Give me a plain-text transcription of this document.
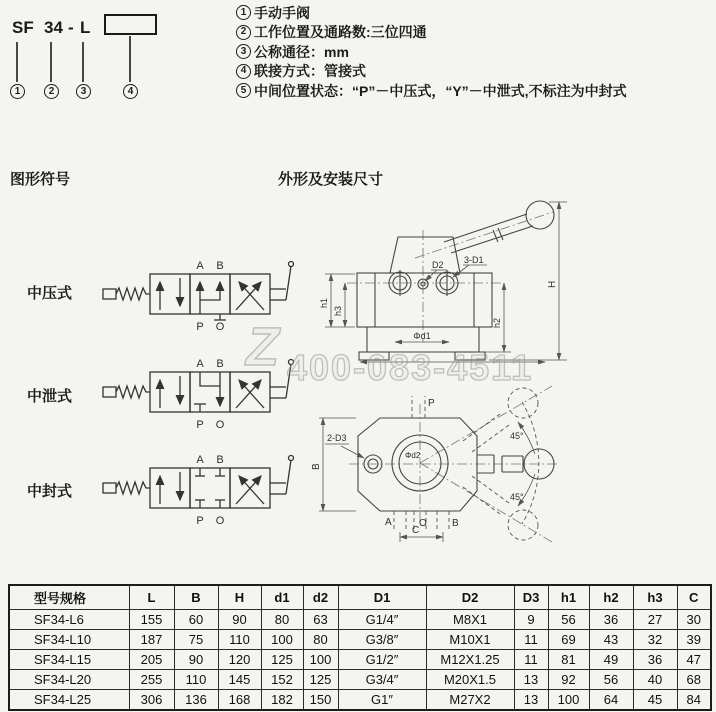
SF 34 - L
1	2	3	4
1 手动手阀
2 工作位置及通路数:三位四通
3 公称通径：mm
4 联接方式：管接式
5 中间位置状态：“P”－中压式，“Y”－中泄式,不标注为中封式
图形符号	外形及安装尺寸
中压式
A B
P O
中泄式
A B
P O
中封式
A B
P O
h1
h3
h2
H
Φd1
D2 3-D1
Z 400-083-4511
B
2-D3
P
A	O	B
C
Φd2
45°
45°
型号规格	L	B	H	d1	d2	D1	D2	D3	h1	h2	h3	C
SF34-L6	155	60	90	80	63	G1/4″	M8X1	9	56	36	27	30
SF34-L10	187	75	110	100	80	G3/8″	M10X1	11	69	43	32	39
SF34-L15	205	90	120	125	100	G1/2″	M12X1.25	11	81	49	36	47
SF34-L20	255	110	145	152	125	G3/4″	M20X1.5	13	92	56	40	68
SF34-L25	306	136	168	182	150	G1″	M27X2	13	100	64	45	84
